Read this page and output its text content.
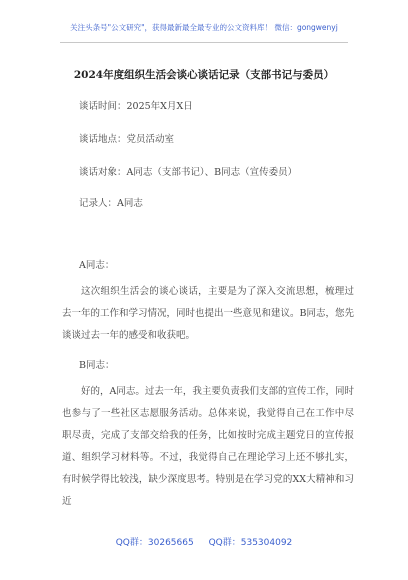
关注头条号"公文研究"，获得最新最全最专业的公文资料库！ 微信：gongwenyj
2024年度组织生活会谈心谈话记录（支部书记与委员）
谈话时间：2025年X月X日
谈话地点：党员活动室
谈话对象：A同志（支部书记）、B同志（宣传委员）
记录人：A同志
A同志：

这次组织生活会的谈心谈话，主要是为了深入交流思想，梳理过去一年的工作和学习情况，同时也提出一些意见和建议。B同志，您先谈谈过去一年的感受和收获吧。

B同志：

好的，A同志。过去一年，我主要负责我们支部的宣传工作，同时也参与了一些社区志愿服务活动。总体来说，我觉得自己在工作中尽职尽责，完成了支部交给我的任务，比如按时完成主题党日的宣传报道、组织学习材料等。不过，我觉得自己在理论学习上还不够扎实，有时候学得比较浅，缺少深度思考。特别是在学习党的XX大精神和习近

QQ群：30265665 QQ群：535304092
